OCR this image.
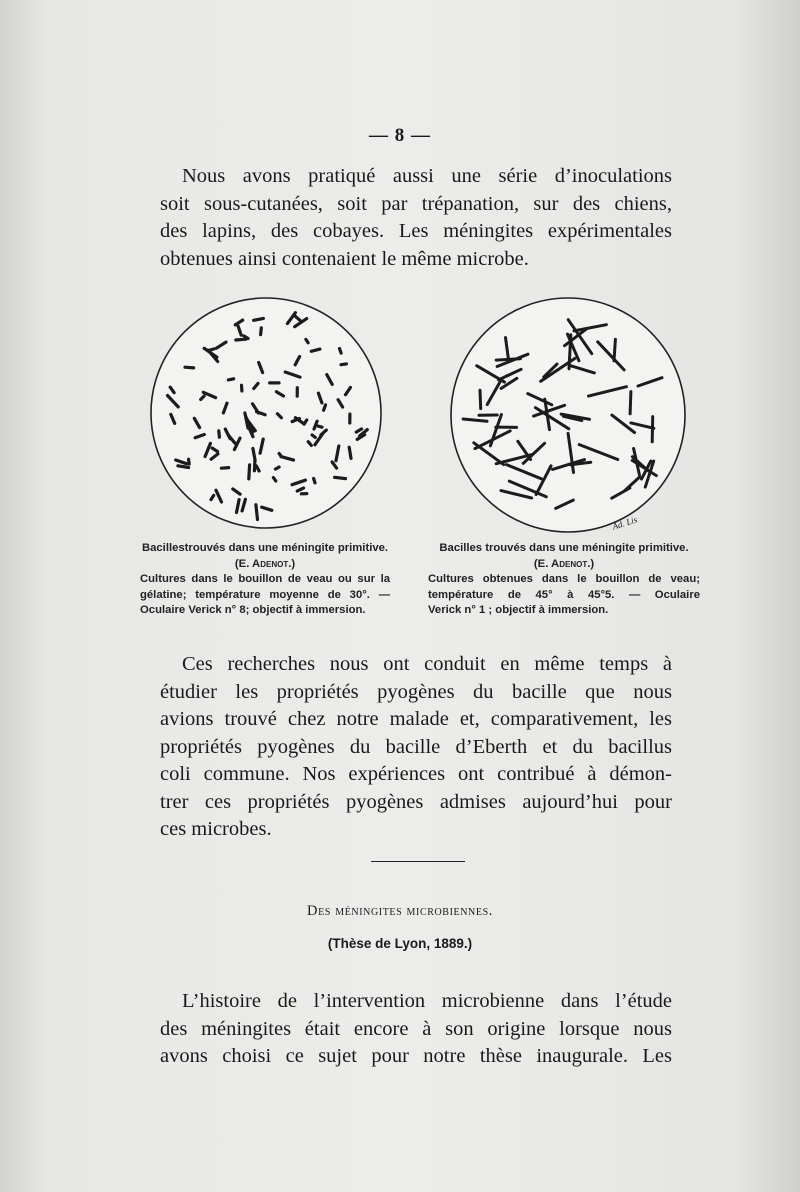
— 8 —
Nous avons pratiqué aussi une série d’inoculations
soit sous-cutanées, soit par trépanation, sur des chiens,
des lapins, des cobayes. Les méningites expérimentales
obtenues ainsi contenaient le même microbe.
Ad. Lis
Bacillestrouvés dans une méningite primitive.
(E. Adenot.)
Cultures dans le bouillon de veau ou sur la
gélatine; température moyenne de 30°. —
Oculaire Verick n° 8; objectif à immersion.
Bacilles trouvés dans une méningite primitive.
(E. Adenot.)
Cultures obtenues dans le bouillon de veau;
température de 45° à 45°5. — Oculaire
Verick n° 1 ; objectif à immersion.
Ces recherches nous ont conduit en même temps à
étudier les propriétés pyogènes du bacille que nous
avions trouvé chez notre malade et, comparativement, les
propriétés pyogènes du bacille d’Eberth et du bacillus
coli commune. Nos expériences ont contribué à démon-
trer ces propriétés pyogènes admises aujourd’hui pour
ces microbes.
Des méningites microbiennes.
(Thèse de Lyon, 1889.)
L’histoire de l’intervention microbienne dans l’étude
des méningites était encore à son origine lorsque nous
avons choisi ce sujet pour notre thèse inaugurale. Les
